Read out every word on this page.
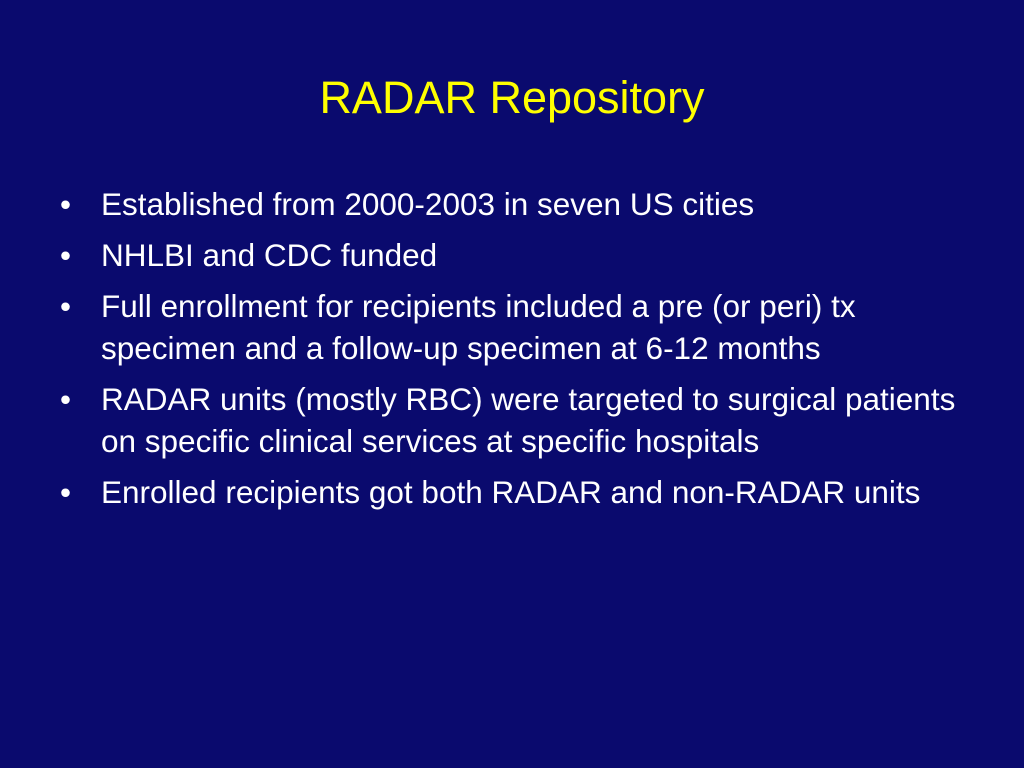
RADAR Repository
• Established from 2000-2003 in seven US cities
• NHLBI and CDC funded
• Full enrollment for recipients included a pre (or peri) tx specimen and a follow-up specimen at 6-12 months
• RADAR units (mostly RBC) were targeted to surgical patients on specific clinical services at specific hospitals
• Enrolled recipients got both RADAR and non-RADAR units
